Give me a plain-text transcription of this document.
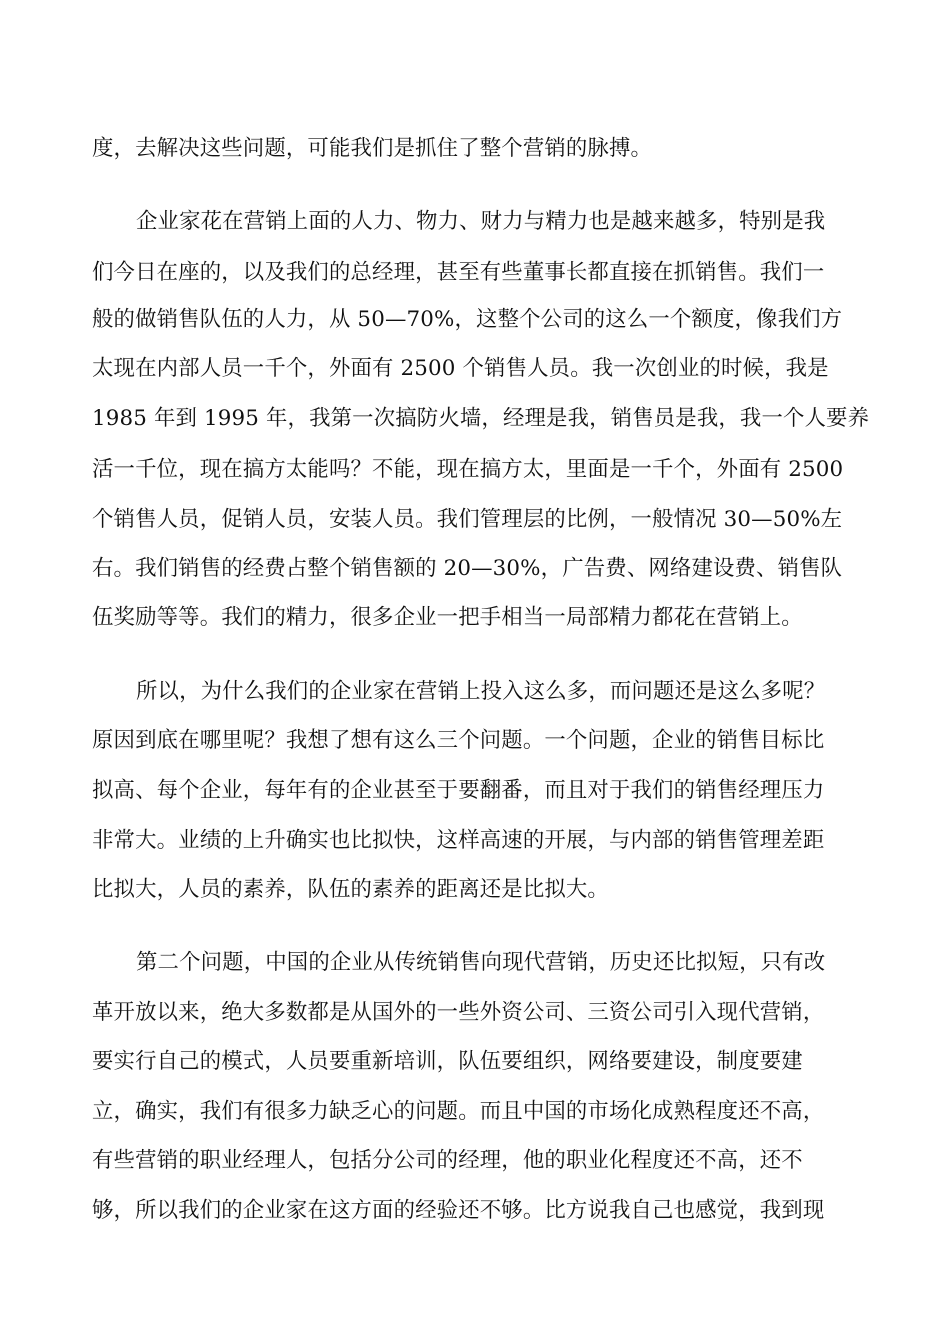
度，去解决这些问题，可能我们是抓住了整个营销的脉搏。
企业家花在营销上面的人力、物力、财力与精力也是越来越多，特别是我
们今日在座的，以及我们的总经理，甚至有些董事长都直接在抓销售。我们一
般的做销售队伍的人力，从 50—70%，这整个公司的这么一个额度，像我们方
太现在内部人员一千个，外面有 2500 个销售人员。我一次创业的时候，我是
1985 年到 1995 年，我第一次搞防火墙，经理是我，销售员是我，我一个人要养
活一千位，现在搞方太能吗？不能，现在搞方太，里面是一千个，外面有 2500
个销售人员，促销人员，安装人员。我们管理层的比例，一般情况 30—50%左
右。我们销售的经费占整个销售额的 20—30%，广告费、网络建设费、销售队
伍奖励等等。我们的精力，很多企业一把手相当一局部精力都花在营销上。
所以，为什么我们的企业家在营销上投入这么多，而问题还是这么多呢？
原因到底在哪里呢？我想了想有这么三个问题。一个问题，企业的销售目标比
拟高、每个企业，每年有的企业甚至于要翻番，而且对于我们的销售经理压力
非常大。业绩的上升确实也比拟快，这样高速的开展，与内部的销售管理差距
比拟大，人员的素养，队伍的素养的距离还是比拟大。
第二个问题，中国的企业从传统销售向现代营销，历史还比拟短，只有改
革开放以来，绝大多数都是从国外的一些外资公司、三资公司引入现代营销，
要实行自己的模式，人员要重新培训，队伍要组织，网络要建设，制度要建
立，确实，我们有很多力缺乏心的问题。而且中国的市场化成熟程度还不高，
有些营销的职业经理人，包括分公司的经理，他的职业化程度还不高，还不
够，所以我们的企业家在这方面的经验还不够。比方说我自己也感觉，我到现
